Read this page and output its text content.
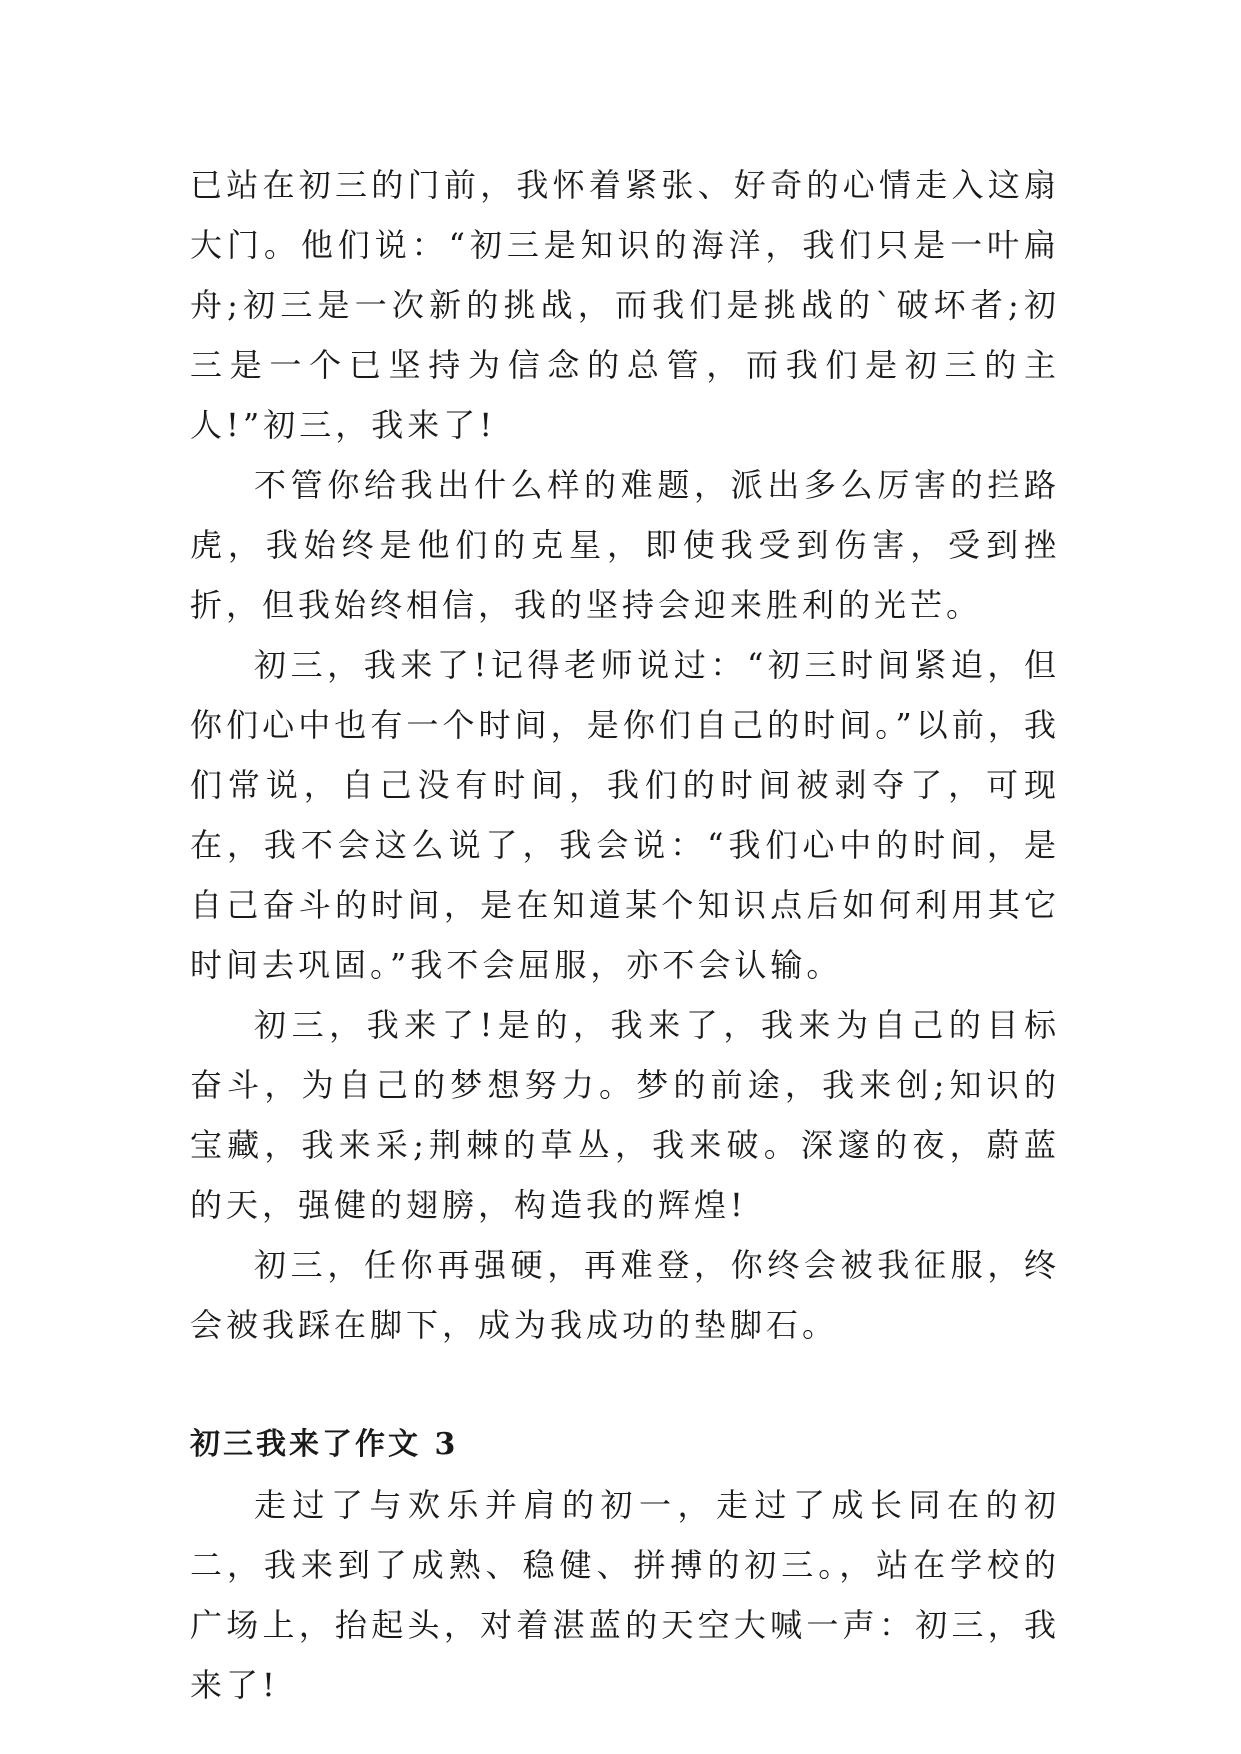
已站在初三的门前，我怀着紧张、好奇的心情走入这扇大门。他们说：“初三是知识的海洋，我们只是一叶扁舟;初三是一次新的挑战，而我们是挑战的`破坏者;初三是一个已坚持为信念的总管，而我们是初三的主人!”初三，我来了!

不管你给我出什么样的难题，派出多么厉害的拦路虎，我始终是他们的克星，即使我受到伤害，受到挫折，但我始终相信，我的坚持会迎来胜利的光芒。

初三，我来了!记得老师说过：“初三时间紧迫，但你们心中也有一个时间，是你们自己的时间。”以前，我们常说，自己没有时间，我们的时间被剥夺了，可现在，我不会这么说了，我会说：“我们心中的时间，是自己奋斗的时间，是在知道某个知识点后如何利用其它时间去巩固。”我不会屈服，亦不会认输。

初三，我来了!是的，我来了，我来为自己的目标奋斗，为自己的梦想努力。梦的前途，我来创;知识的宝藏，我来采;荆棘的草丛，我来破。深邃的夜，蔚蓝的天，强健的翅膀，构造我的辉煌!

初三，任你再强硬，再难登，你终会被我征服，终会被我踩在脚下，成为我成功的垫脚石。

初三我来了作文 3

走过了与欢乐并肩的初一，走过了成长同在的初二，我来到了成熟、稳健、拼搏的初三。，站在学校的广场上，抬起头，对着湛蓝的天空大喊一声：初三，我来了!
